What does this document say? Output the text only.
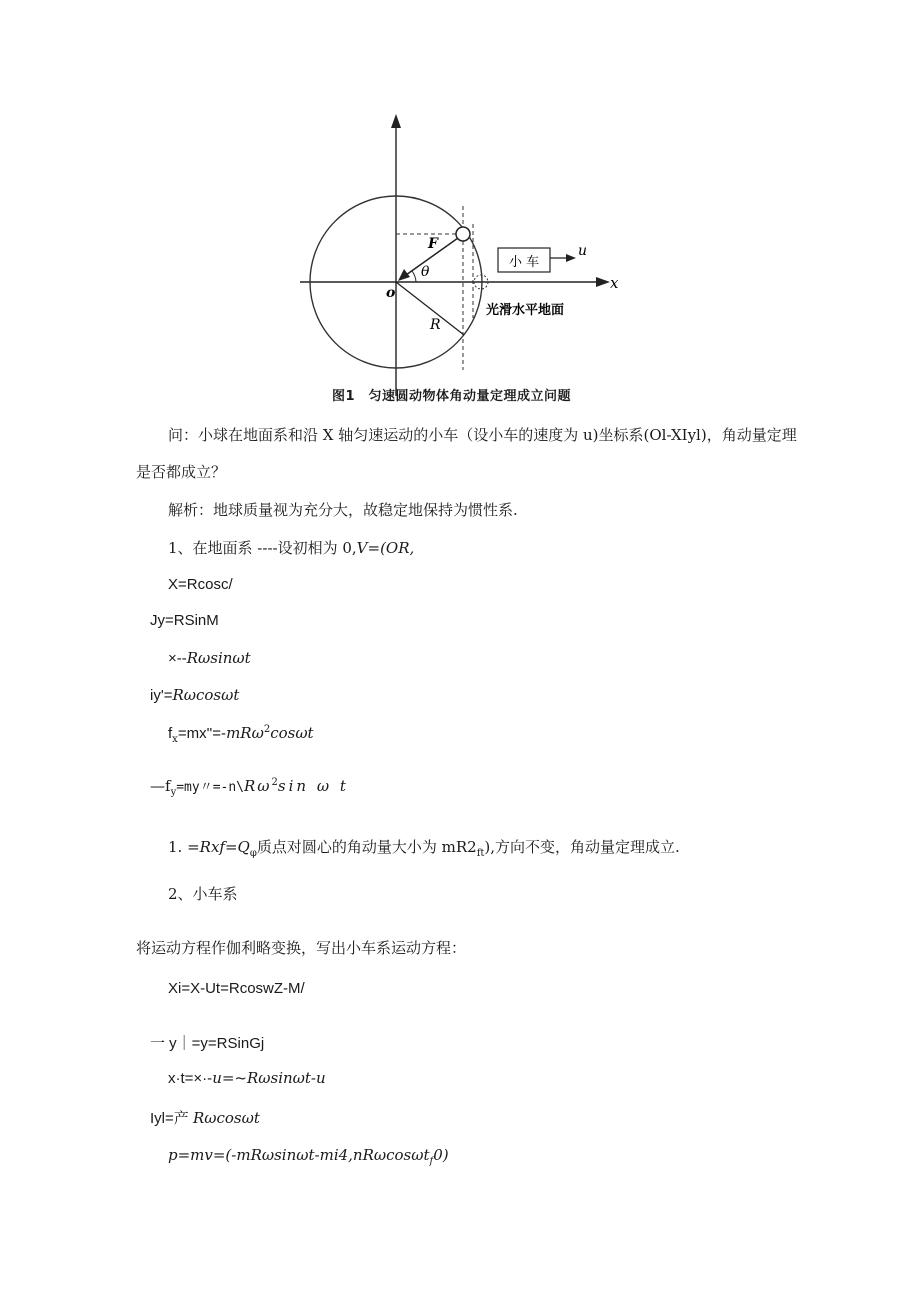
x
F
θ
R
o
小 车
u
光滑水平地面
图1　匀速圆动物体角动量定理成立问题
问：小球在地面系和沿 X 轴匀速运动的小车（设小车的速度为 u)坐标系(Ol-XIyl)，角动量定理
是否都成立？
解析：地球质量视为充分大，故稳定地保持为惯性系.
1、在地面系 ----设初相为 0,V=(OR,
X=Rcosc/
Jy=RSinM
×--Rωsinωt
iy'=Rωcosωt
$f_x=mx''=-mR\omega^2\cos\omega t$
$—f_y=my$〃$=-n\backslash R\omega^2\sin$ ω t
1. $=Rxf=Q_\varphi$质点对圆心的角动量大小为 $mR2_{ft}$),方向不变，角动量定理成立.
2、小车系
将运动方程作伽利略变换，写出小车系运动方程：
Xi=X-Ut=RcoswZ-M/
一 y｜=y=RSinGj
x·t=×·-u=~Rωsinωt-u
Iyl=产 Rωcosωt
p=mv=(-mRωsinωt-mi4,nRωcosωt$_f$0)
